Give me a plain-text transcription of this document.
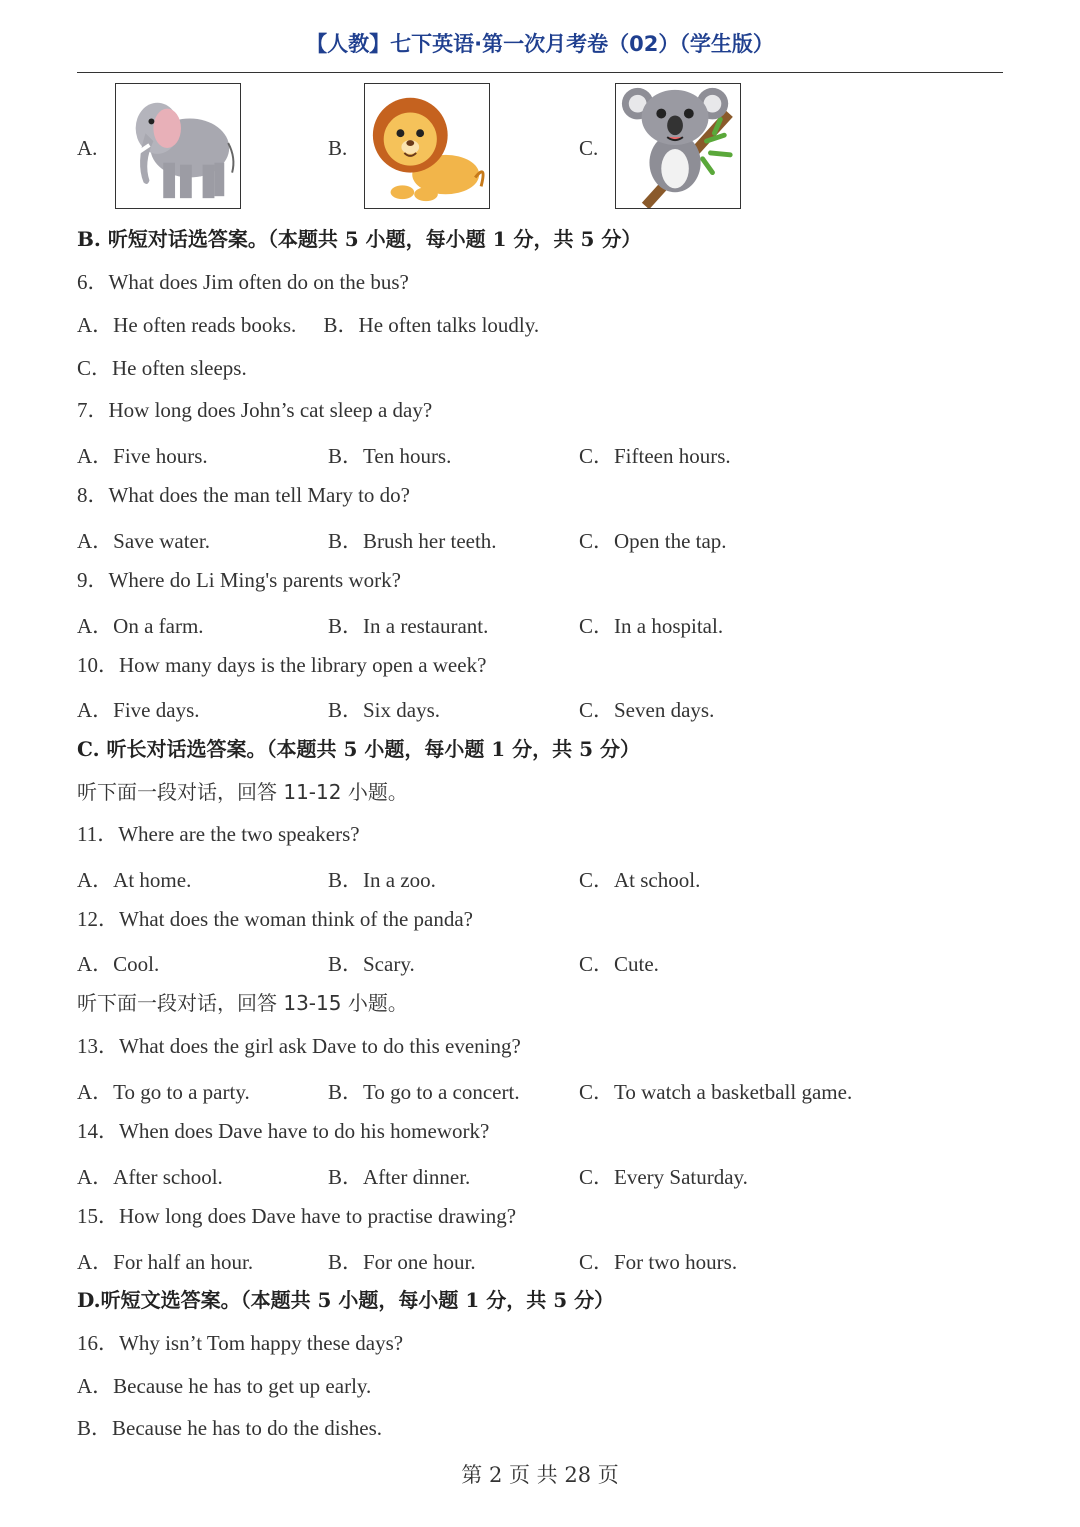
【人教】七下英语·第一次月考卷（02）（学生版）
A.	B.	C.
B. 听短对话选答案。（本题共 5 小题，每小题 1 分，共 5 分）
6．What does Jim often do on the bus?
A．He often reads books. B．He often talks loudly.
C．He often sleeps.
7．How long does John’s cat sleep a day?
A．Five hours.	B．Ten hours.	C．Fifteen hours.
8．What does the man tell Mary to do?
A．Save water.	B．Brush her teeth.	C．Open the tap.
9．Where do Li Ming's parents work?
A．On a farm.	B．In a restaurant.	C．In a hospital.
10．How many days is the library open a week?
A．Five days.	B．Six days.	C．Seven days.
C. 听长对话选答案。（本题共 5 小题，每小题 1 分，共 5 分）
听下面一段对话，回答 11-12 小题。
11．Where are the two speakers?
A．At home.	B．In a zoo.	C．At school.
12．What does the woman think of the panda?
A．Cool.	B．Scary.	C．Cute.
听下面一段对话，回答 13-15 小题。
13．What does the girl ask Dave to do this evening?
A．To go to a party.	B．To go to a concert.	C．To watch a basketball game.
14．When does Dave have to do his homework?
A．After school.	B．After dinner.	C．Every Saturday.
15．How long does Dave have to practise drawing?
A．For half an hour.	B．For one hour.	C．For two hours.
D.听短文选答案。（本题共 5 小题，每小题 1 分，共 5 分）
16．Why isn’t Tom happy these days?
A．Because he has to get up early.
B．Because he has to do the dishes.
第 2 页 共 28 页
